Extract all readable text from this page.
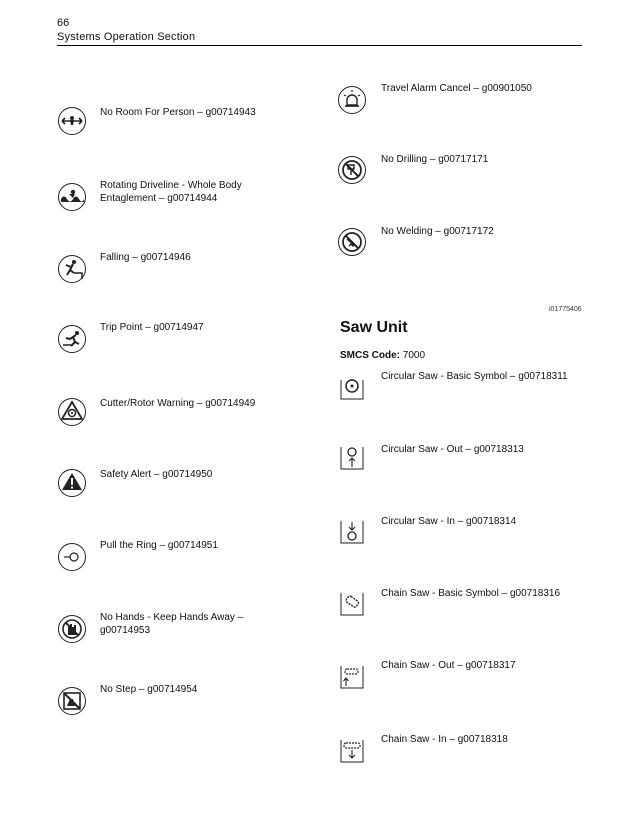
66
Systems Operation Section
No Room For Person – g00714943
Rotating Driveline - Whole Body Entaglement – g00714944
Falling – g00714946
Trip Point – g00714947
Cutter/Rotor Warning – g00714949
Safety Alert – g00714950
Pull the Ring – g00714951
No Hands - Keep Hands Away – g00714953
No Step – g00714954
Travel Alarm Cancel – g00901050
No Drilling – g00717171
No Welding – g00717172
i01775406
Saw Unit
SMCS Code: 7000
Circular Saw - Basic Symbol – g00718311
Circular Saw - Out – g00718313
Circular Saw - In – g00718314
Chain Saw - Basic Symbol – g00718316
Chain Saw - Out – g00718317
Chain Saw - In – g00718318
